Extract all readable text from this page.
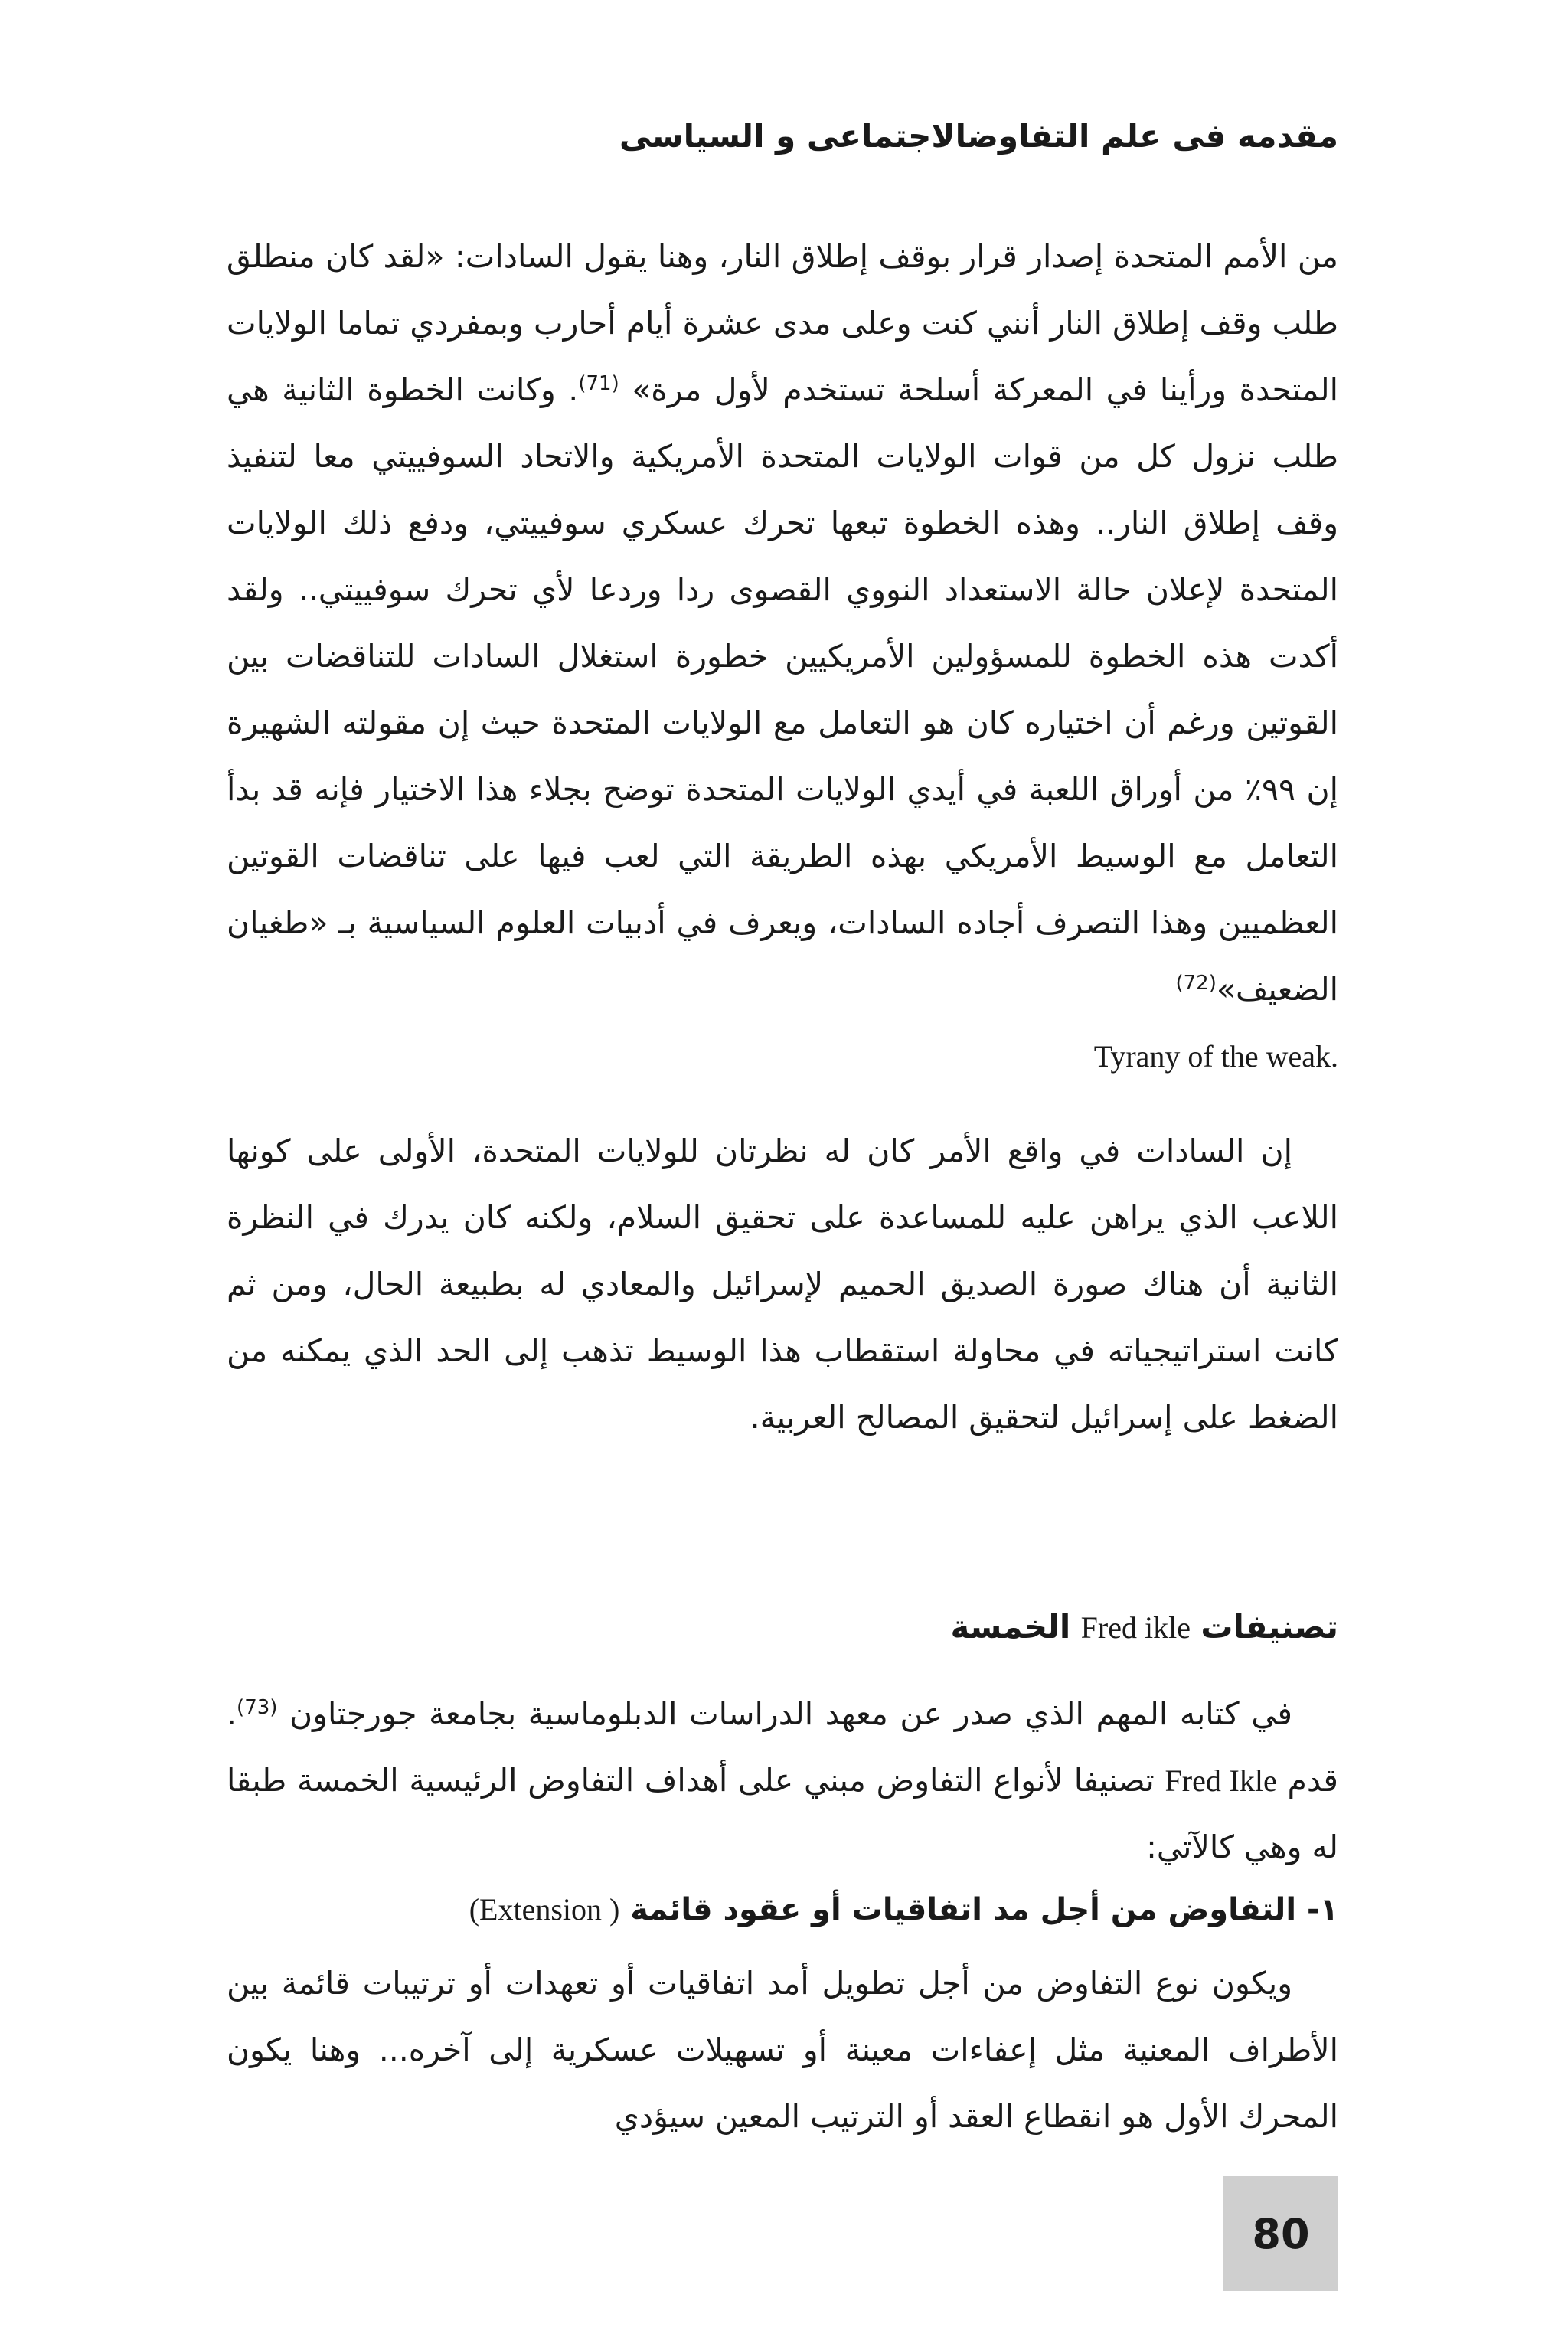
مقدمه فى علم التفاوضالاجتماعى و السياسى

من الأمم المتحدة إصدار قرار بوقف إطلاق النار، وهنا يقول السادات: «لقد كان منطلق طلب وقف إطلاق النار أنني كنت وعلى مدى عشرة أيام أحارب وبمفردي تماما الولايات المتحدة ورأينا في المعركة أسلحة تستخدم لأول مرة» $^{(71)}$. وكانت الخطوة الثانية هي طلب نزول كل من قوات الولايات المتحدة الأمريكية والاتحاد السوفييتي معا لتنفيذ وقف إطلاق النار.. وهذه الخطوة تبعها تحرك عسكري سوفييتي، ودفع ذلك الولايات المتحدة لإعلان حالة الاستعداد النووي القصوى ردا وردعا لأي تحرك سوفييتي.. ولقد أكدت هذه الخطوة للمسؤولين الأمريكيين خطورة استغلال السادات للتناقضات بين القوتين ورغم أن اختياره كان هو التعامل مع الولايات المتحدة حيث إن مقولته الشهيرة إن ٩٩٪ من أوراق اللعبة في أيدي الولايات المتحدة توضح بجلاء هذا الاختيار فإنه قد بدأ التعامل مع الوسيط الأمريكي بهذه الطريقة التي لعب فيها على تناقضات القوتين العظميين وهذا التصرف أجاده السادات، ويعرف في أدبيات العلوم السياسية بـ «طغيان الضعيف»$^{(72)}$

.Tyrany of the weak

إن السادات في واقع الأمر كان له نظرتان للولايات المتحدة، الأولى على كونها اللاعب الذي يراهن عليه للمساعدة على تحقيق السلام، ولكنه كان يدرك في النظرة الثانية أن هناك صورة الصديق الحميم لإسرائيل والمعادي له بطبيعة الحال، ومن ثم كانت استراتيجياته في محاولة استقطاب هذا الوسيط تذهب إلى الحد الذي يمكنه من الضغط على إسرائيل لتحقيق المصالح العربية.

تصنيفات Fred ikle الخمسة

في كتابه المهم الذي صدر عن معهد الدراسات الدبلوماسية بجامعة جورجتاون $^{(73)}$. قدم Fred Ikle تصنيفا لأنواع التفاوض مبني على أهداف التفاوض الرئيسية الخمسة طبقا له وهي كالآتي:

١- التفاوض من أجل مد اتفاقيات أو عقود قائمة ( Extension)

ويكون نوع التفاوض من أجل تطويل أمد اتفاقيات أو تعهدات أو ترتيبات قائمة بين الأطراف المعنية مثل إعفاءات معينة أو تسهيلات عسكرية إلى آخره... وهنا يكون المحرك الأول هو انقطاع العقد أو الترتيب المعين سيؤدي

80
